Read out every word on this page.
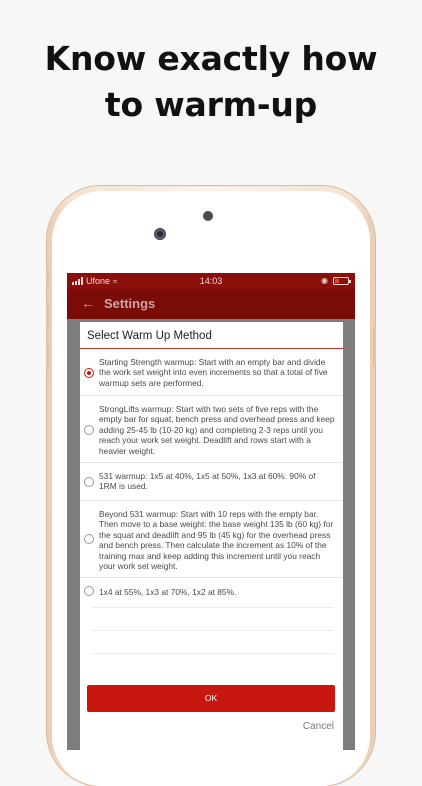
Know exactly how
to warm-up
Ufone ≈	14:03	◉
← Settings
Select Warm Up Method
Starting Strength warmup: Start with an empty bar and divide the work set weight into even increments so that a total of five warmup sets are performed.
StrongLifts warmup: Start with two sets of five reps with the empty bar for squat, bench press and overhead press and keep adding 25-45 lb (10-20 kg) and completing 2-3 reps until you reach your work set weight. Deadlift and rows start with a heavier weight.
531 warmup: 1x5 at 40%, 1x5 at 50%, 1x3 at 60%. 90% of 1RM is used.
Beyond 531 warmup: Start with 10 reps with the empty bar. Then move to a base weight: the base weight 135 lb (60 kg) for the squat and deadlift and 95 lb (45 kg) for the overhead press and bench press. Then calculate the increment as 10% of the training max and keep adding this increment until you reach your work set weight.
1x4 at 55%, 1x3 at 70%, 1x2 at 85%.
OK
Cancel
